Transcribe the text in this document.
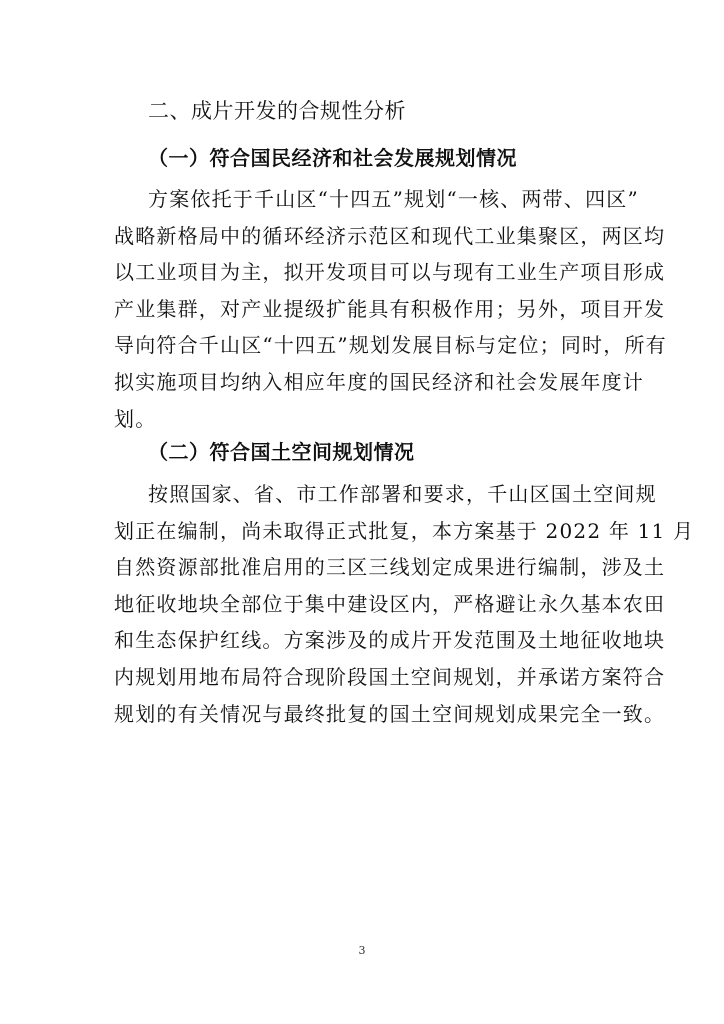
二、成片开发的合规性分析
（一）符合国民经济和社会发展规划情况

方案依托于千山区“十四五”规划“一核、两带、四区”
战略新格局中的循环经济示范区和现代工业集聚区，两区均
以工业项目为主，拟开发项目可以与现有工业生产项目形成
产业集群，对产业提级扩能具有积极作用；另外，项目开发
导向符合千山区“十四五”规划发展目标与定位；同时，所有
拟实施项目均纳入相应年度的国民经济和社会发展年度计
划。

（二）符合国土空间规划情况

按照国家、省、市工作部署和要求，千山区国土空间规
划正在编制，尚未取得正式批复，本方案基于 2022 年 11 月
自然资源部批准启用的三区三线划定成果进行编制，涉及土
地征收地块全部位于集中建设区内，严格避让永久基本农田
和生态保护红线。方案涉及的成片开发范围及土地征收地块
内规划用地布局符合现阶段国土空间规划，并承诺方案符合
规划的有关情况与最终批复的国土空间规划成果完全一致。

3
